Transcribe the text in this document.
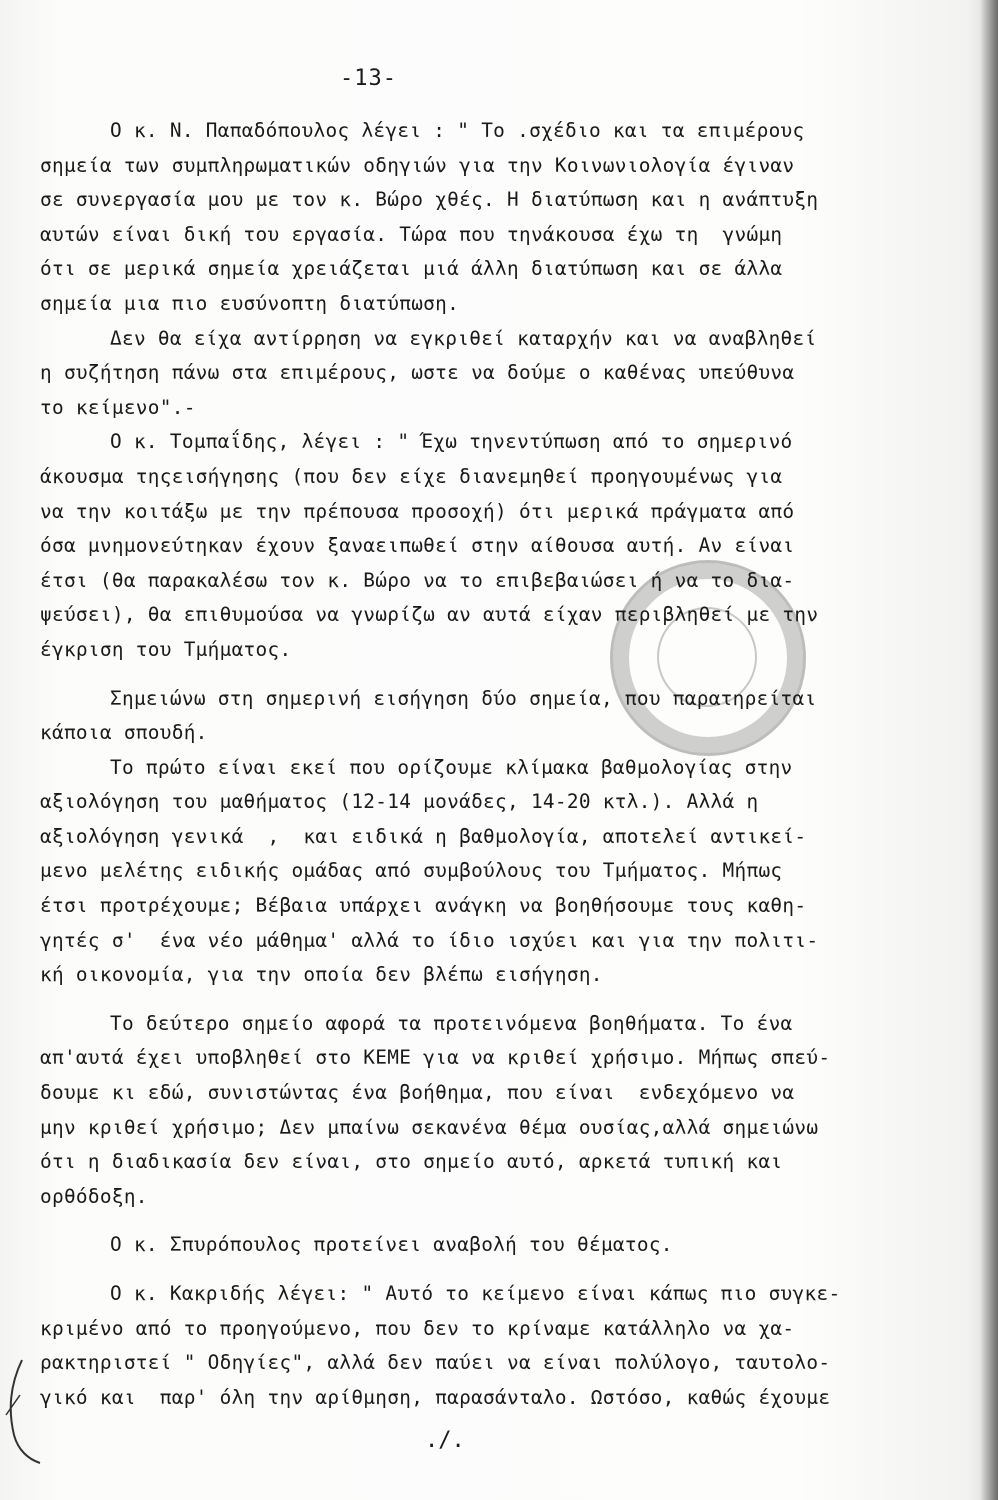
-13-
Ο κ. Ν. Παπαδόπουλος λέγει : " Το .σχέδιο και τα επιμέρους
σημεία των συμπληρωματικών οδηγιών για την Κοινωνιολογία έγιναν
σε συνεργασία μου με τον κ. Βώρο χθές. Η διατύπωση και η ανάπτυξη
αυτών είναι δική του εργασία. Τώρα που τηνάκουσα έχω τη  γνώμη
ότι σε μερικά σημεία χρειάζεται μιά άλλη διατύπωση και σε άλλα
σημεία μια πιο ευσύνοπτη διατύπωση.
Δεν θα είχα αντίρρηση να εγκριθεί καταρχήν και να αναβληθεί
η συζήτηση πάνω στα επιμέρους, ωστε να δούμε ο καθένας υπεύθυνα
το κείμενο".-
Ο κ. Τομπαΐδης, λέγει : " Έχω τηνεντύπωση από το σημερινό
άκουσμα τηςεισήγησης (που δεν είχε διανεμηθεί προηγουμένως για
να την κοιτάξω με την πρέπουσα προσοχή) ότι μερικά πράγματα από
όσα μνημονεύτηκαν έχουν ξαναειπωθεί στην αίθουσα αυτή. Αν είναι
έτσι (θα παρακαλέσω τον κ. Βώρο να το επιβεβαιώσει ή να το δια-
ψεύσει), θα επιθυμούσα να γνωρίζω αν αυτά είχαν περιβληθεί με την
έγκριση του Τμήματος.
Σημειώνω στη σημερινή εισήγηση δύο σημεία, που παρατηρείται
κάποια σπουδή.
Το πρώτο είναι εκεί που ορίζουμε κλίμακα βαθμολογίας στην
αξιολόγηση του μαθήματος (12-14 μονάδες, 14-20 κτλ.). Αλλά η
αξιολόγηση γενικά  ,  και ειδικά η βαθμολογία, αποτελεί αντικεί-
μενο μελέτης ειδικής ομάδας από συμβούλους του Τμήματος. Μήπως
έτσι προτρέχουμε; Βέβαια υπάρχει ανάγκη να βοηθήσουμε τους καθη-
γητές σ'  ένα νέο μάθημα' αλλά το ίδιο ισχύει και για την πολιτι-
κή οικονομία, για την οποία δεν βλέπω εισήγηση.
Το δεύτερο σημείο αφορά τα προτεινόμενα βοηθήματα. Το ένα
απ'αυτά έχει υποβληθεί στο ΚΕΜΕ για να κριθεί χρήσιμο. Μήπως σπεύ-
δουμε κι εδώ, συνιστώντας ένα βοήθημα, που είναι  ενδεχόμενο να
μην κριθεί χρήσιμο; Δεν μπαίνω σεκανένα θέμα ουσίας,αλλά σημειώνω
ότι η διαδικασία δεν είναι, στο σημείο αυτό, αρκετά τυπική και
ορθόδοξη.
Ο κ. Σπυρόπουλος προτείνει αναβολή του θέματος.
Ο κ. Κακριδής λέγει: " Αυτό το κείμενο είναι κάπως πιο συγκε-
κριμένο από το προηγούμενο, που δεν το κρίναμε κατάλληλο να χα-
ρακτηριστεί " Οδηγίες", αλλά δεν παύει να είναι πολύλογο, ταυτολο-
γικό και  παρ' όλη την αρίθμηση, παρασάνταλο. Ωστόσο, καθώς έχουμε
./.
